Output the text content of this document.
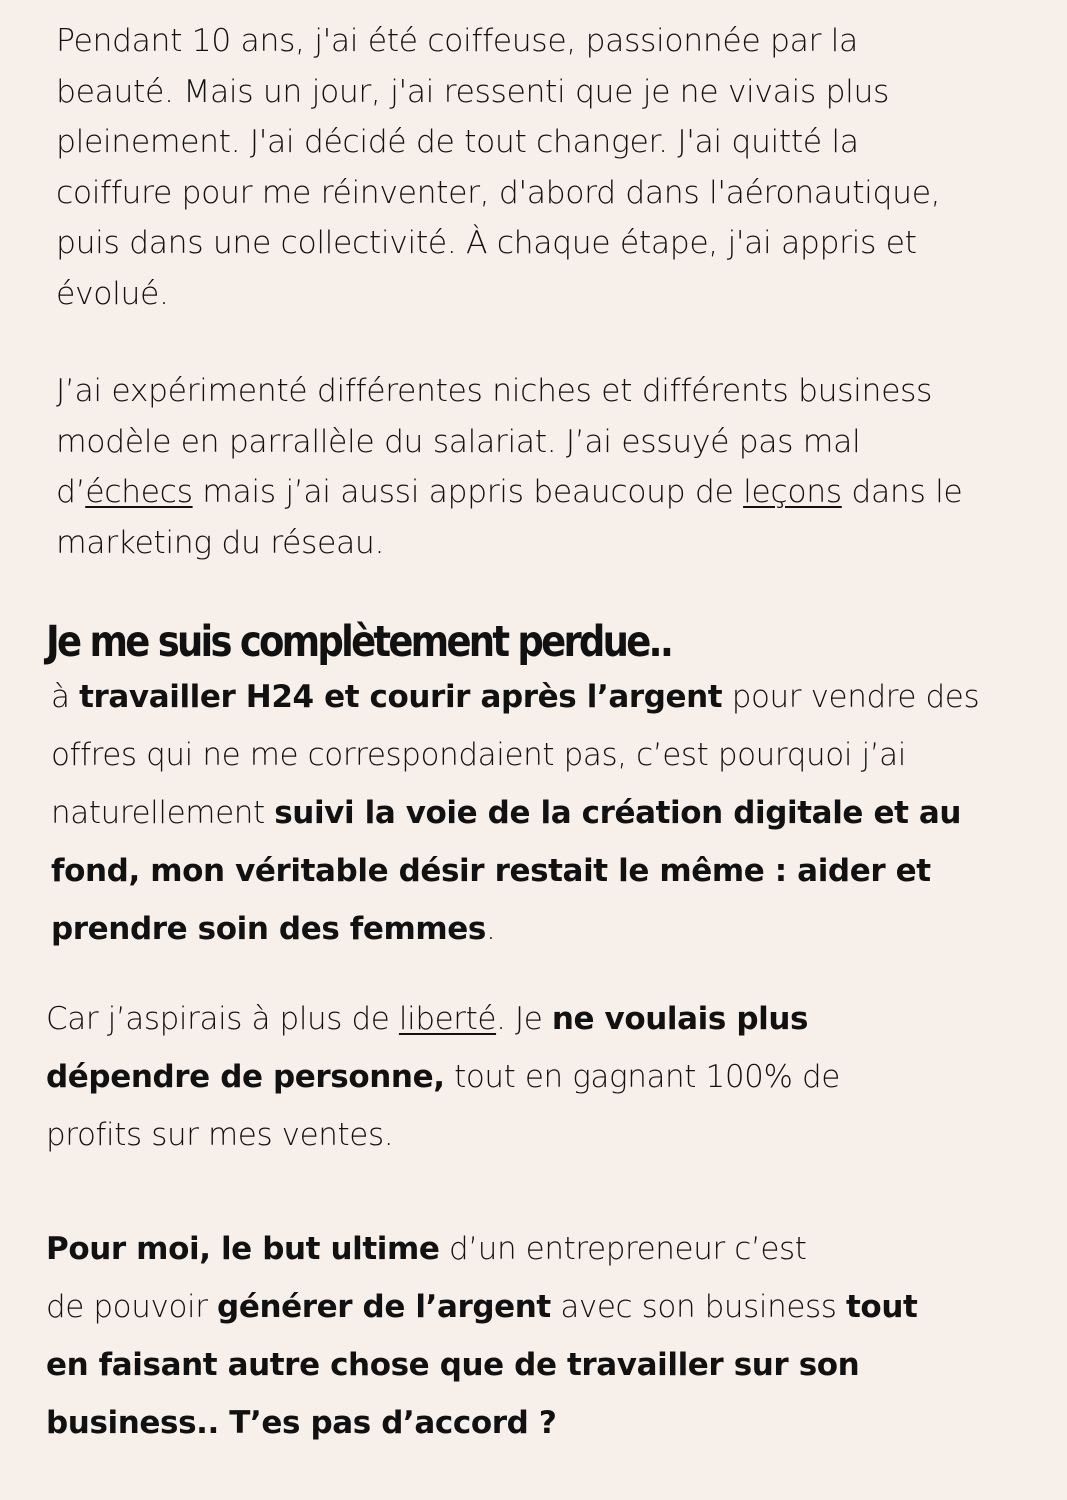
Pendant 10 ans, j'ai été coiffeuse, passionnée par la
beauté. Mais un jour, j'ai ressenti que je ne vivais plus
pleinement. J'ai décidé de tout changer. J'ai quitté la
coiffure pour me réinventer, d'abord dans l'aéronautique,
puis dans une collectivité. À chaque étape, j'ai appris et
évolué.
J’ai expérimenté différentes niches et différents business
modèle en parrallèle du salariat. J’ai essuyé pas mal
d’échecs mais j’ai aussi appris beaucoup de leçons dans le
marketing du réseau.
Je me suis complètement perdue..
à travailler H24 et courir après l’argent pour vendre des offres qui ne me correspondaient pas, c’est pourquoi j’ai naturellement suivi la voie de la création digitale et au fond, mon véritable désir restait le même : aider et prendre soin des femmes.
Car j’aspirais à plus de liberté. Je ne voulais plus
dépendre de personne, tout en gagnant 100% de
profits sur mes ventes.
Pour moi, le but ultime d’un entrepreneur c’est
de pouvoir générer de l’argent avec son business tout
en faisant autre chose que de travailler sur son
business.. T’es pas d’accord ?
